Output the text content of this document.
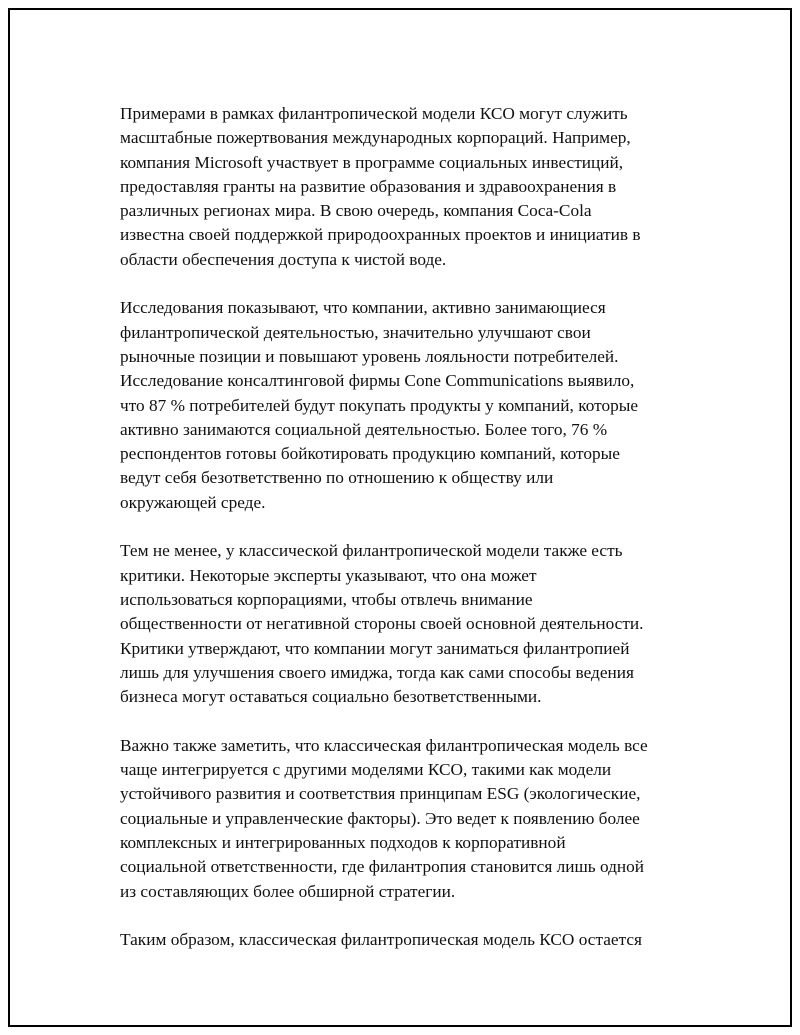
Примерами в рамках филантропической модели КСО могут служить
масштабные пожертвования международных корпораций. Например,
компания Microsoft участвует в программе социальных инвестиций,
предоставляя гранты на развитие образования и здравоохранения в
различных регионах мира. В свою очередь, компания Coca-Cola
известна своей поддержкой природоохранных проектов и инициатив в
области обеспечения доступа к чистой воде.

Исследования показывают, что компании, активно занимающиеся
филантропической деятельностью, значительно улучшают свои
рыночные позиции и повышают уровень лояльности потребителей.
Исследование консалтинговой фирмы Cone Communications выявило,
что 87 % потребителей будут покупать продукты у компаний, которые
активно занимаются социальной деятельностью. Более того, 76 %
респондентов готовы бойкотировать продукцию компаний, которые
ведут себя безответственно по отношению к обществу или
окружающей среде.

Тем не менее, у классической филантропической модели также есть
критики. Некоторые эксперты указывают, что она может
использоваться корпорациями, чтобы отвлечь внимание
общественности от негативной стороны своей основной деятельности.
Критики утверждают, что компании могут заниматься филантропией
лишь для улучшения своего имиджа, тогда как сами способы ведения
бизнеса могут оставаться социально безответственными.

Важно также заметить, что классическая филантропическая модель все
чаще интегрируется с другими моделями КСО, такими как модели
устойчивого развития и соответствия принципам ESG (экологические,
социальные и управленческие факторы). Это ведет к появлению более
комплексных и интегрированных подходов к корпоративной
социальной ответственности, где филантропия становится лишь одной
из составляющих более обширной стратегии.

Таким образом, классическая филантропическая модель КСО остается
